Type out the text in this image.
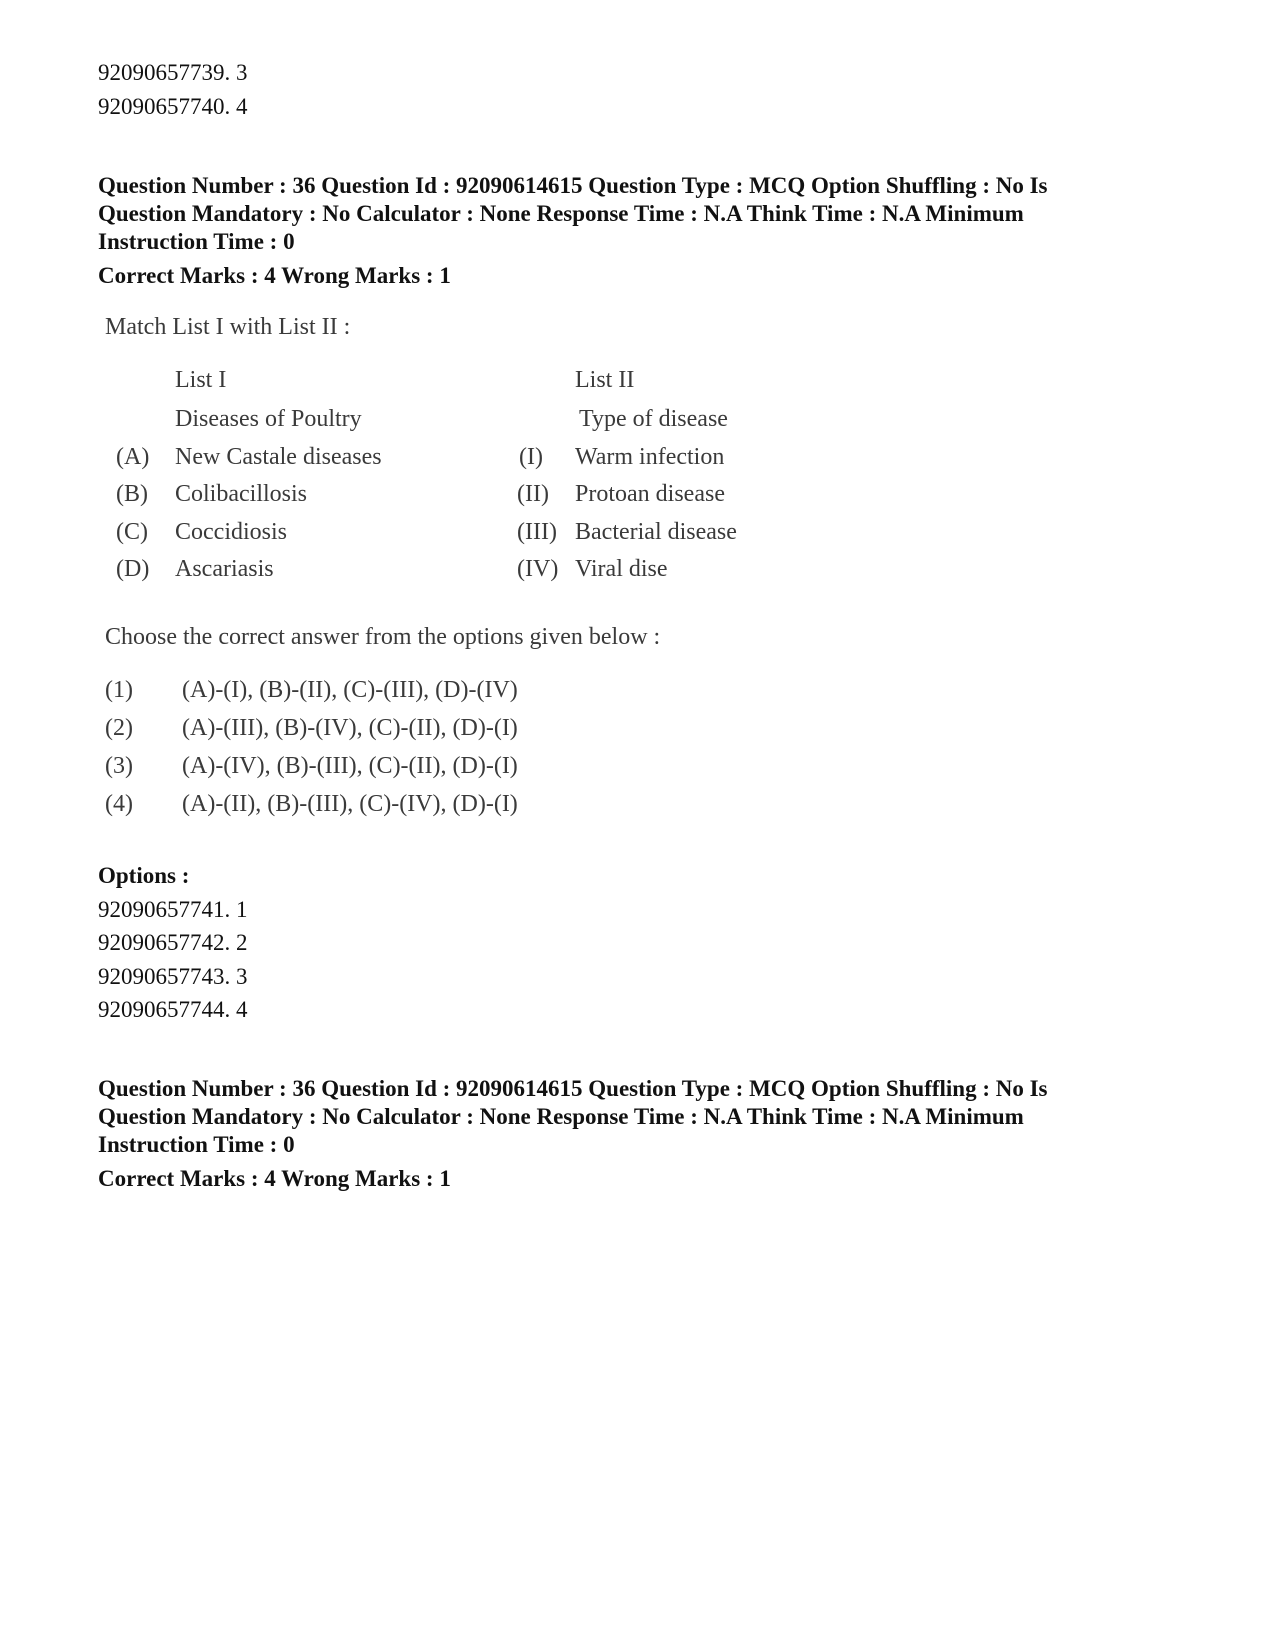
92090657739. 3
92090657740. 4
Question Number : 36 Question Id : 92090614615 Question Type : MCQ Option Shuffling : No Is
Question Mandatory : No Calculator : None Response Time : N.A Think Time : N.A Minimum
Instruction Time : 0
Correct Marks : 4 Wrong Marks : 1
Match List I with List II :
List I	List II
Diseases of Poultry	Type of disease
(A) New Castale diseases	(I) Warm infection
(B) Colibacillosis	(II) Protoan disease
(C) Coccidiosis	(III) Bacterial disease
(D) Ascariasis	(IV) Viral dise
Choose the correct answer from the options given below :
(1) (A)-(I), (B)-(II), (C)-(III), (D)-(IV)
(2) (A)-(III), (B)-(IV), (C)-(II), (D)-(I)
(3) (A)-(IV), (B)-(III), (C)-(II), (D)-(I)
(4) (A)-(II), (B)-(III), (C)-(IV), (D)-(I)
Options :
92090657741. 1
92090657742. 2
92090657743. 3
92090657744. 4
Question Number : 36 Question Id : 92090614615 Question Type : MCQ Option Shuffling : No Is
Question Mandatory : No Calculator : None Response Time : N.A Think Time : N.A Minimum
Instruction Time : 0
Correct Marks : 4 Wrong Marks : 1
